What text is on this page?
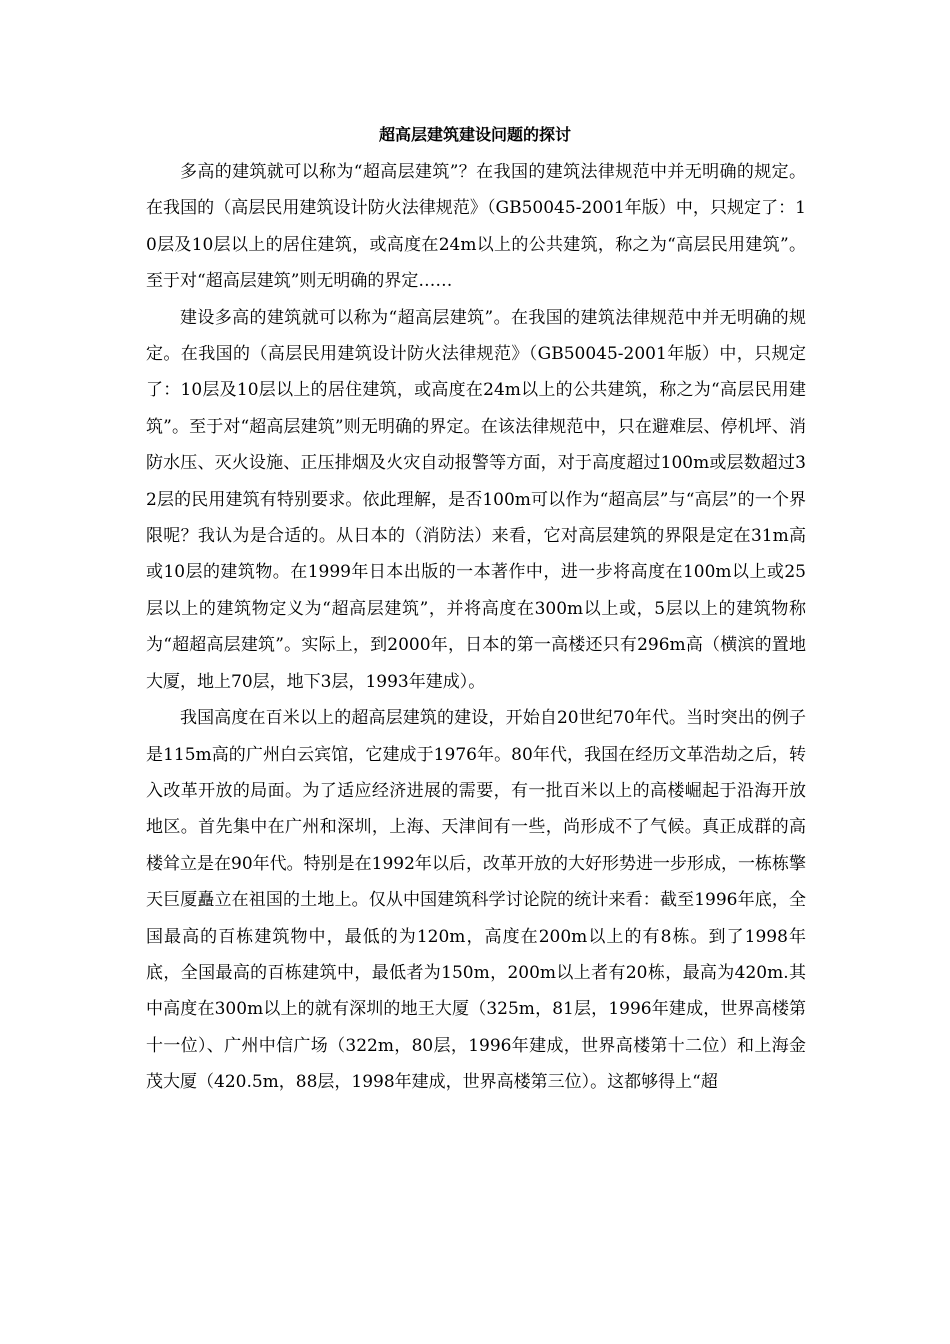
超高层建筑建设问题的探讨

多高的建筑就可以称为“超高层建筑”？在我国的建筑法律规范中并无明确的规定。在我国的（高层民用建筑设计防火法律规范》（GB50045-2001年版）中，只规定了：10层及10层以上的居住建筑，或高度在24m以上的公共建筑，称之为“高层民用建筑”。至于对“超高层建筑”则无明确的界定……

建设多高的建筑就可以称为“超高层建筑”。在我国的建筑法律规范中并无明确的规定。在我国的（高层民用建筑设计防火法律规范》（GB50045-2001年版）中，只规定了：10层及10层以上的居住建筑，或高度在24m以上的公共建筑，称之为“高层民用建筑”。至于对“超高层建筑”则无明确的界定。在该法律规范中，只在避难层、停机坪、消防水压、灭火设施、正压排烟及火灾自动报警等方面，对于高度超过100m或层数超过32层的民用建筑有特别要求。依此理解，是否100m可以作为“超高层”与“高层”的一个界限呢？我认为是合适的。从日本的（消防法）来看，它对高层建筑的界限是定在31m高或10层的建筑物。在1999年日本出版的一本著作中，进一步将高度在100m以上或25层以上的建筑物定义为“超高层建筑”，并将高度在300m以上或，5层以上的建筑物称为“超超高层建筑”。实际上，到2000年，日本的第一高楼还只有296m高（横滨的置地大厦，地上70层，地下3层，1993年建成）。

我国高度在百米以上的超高层建筑的建设，开始自20世纪70年代。当时突出的例子是115m高的广州白云宾馆，它建成于1976年。80年代，我国在经历文革浩劫之后，转入改革开放的局面。为了适应经济进展的需要，有一批百米以上的高楼崛起于沿海开放地区。首先集中在广州和深圳，上海、天津间有一些，尚形成不了气候。真正成群的高楼耸立是在90年代。特别是在1992年以后，改革开放的大好形势进一步形成，一栋栋擎天巨厦矗立在祖国的土地上。仅从中国建筑科学讨论院的统计来看：截至1996年底，全国最高的百栋建筑物中，最低的为120m，高度在200m以上的有8栋。到了1998年底，全国最高的百栋建筑中，最低者为150m，200m以上者有20栋，最高为420m.其中高度在300m以上的就有深圳的地王大厦（325m，81层，1996年建成，世界高楼第十一位）、广州中信广场（322m，80层，1996年建成，世界高楼第十二位）和上海金茂大厦（420.5m，88层，1998年建成，世界高楼第三位）。这都够得上“超
